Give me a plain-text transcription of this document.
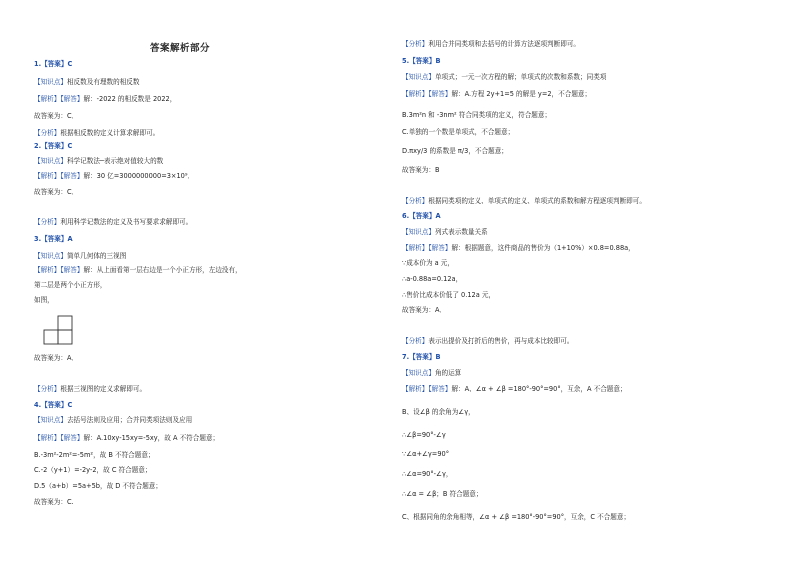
答案解析部分
1.【答案】C
【知识点】相反数及有理数的相反数
【解析】【解答】解：-2022 的相反数是 2022，
故答案为：C．
【分析】根据相反数的定义计算求解即可。
2.【答案】C
【知识点】科学记数法─表示绝对值较大的数
【解析】【解答】解：30 亿=3000000000=3×10⁹．
故答案为：C．
【分析】利用科学记数法的定义及书写要求求解即可。
3.【答案】A
【知识点】简单几何体的三视图
【解析】【解答】解：从上面看第一层右边是一个小正方形，左边没有，
第二层是两个小正方形，
如图，
故答案为：A．
【分析】根据三视图的定义求解即可。
4.【答案】C
【知识点】去括号法则及应用；合并同类项法则及应用
【解析】【解答】解：A.10xy-15xy=-5xy，故 A 不符合题意；
B.-3m²-2m²=-5m²，故 B 不符合题意；
C.-2（y+1）=-2y-2，故 C 符合题意；
D.5（a+b）=5a+5b，故 D 不符合题意；
故答案为：C.
【分析】利用合并同类项和去括号的计算方法逐项判断即可。
5.【答案】B
【知识点】单项式；一元一次方程的解；单项式的次数和系数；同类项
【解析】【解答】解：A.方程 2y+1=5 的解是 y=2，不合题意；
B.3m²n 和 -3nm² 符合同类项的定义，符合题意；
C.单独的一个数是单项式，不合题意；
D.πxy/3 的系数是 π/3，不合题意；
故答案为：B
【分析】根据同类项的定义、单项式的定义、单项式的系数和解方程逐项判断即可。
6.【答案】A
【知识点】列式表示数量关系
【解析】【解答】解：根据题意，这件商品的售价为（1+10%）×0.8=0.88a，
∵成本价为 a 元，
∴a-0.88a=0.12a，
∴售价比成本价低了 0.12a 元，
故答案为：A．
【分析】表示出提价及打折后的售价，再与成本比较即可。
7.【答案】B
【知识点】角的运算
【解析】【解答】解：A、∠α + ∠β =180°-90°=90°，互余，A 不合题意；
B、设∠β 的余角为∠γ，
∴∠β=90°-∠γ
∵∠α+∠γ=90°
∴∠α=90°-∠γ，
∴∠α = ∠β；B 符合题意；
C、根据同角的余角相等，∠α + ∠β =180°-90°=90°，互余，C 不合题意；
